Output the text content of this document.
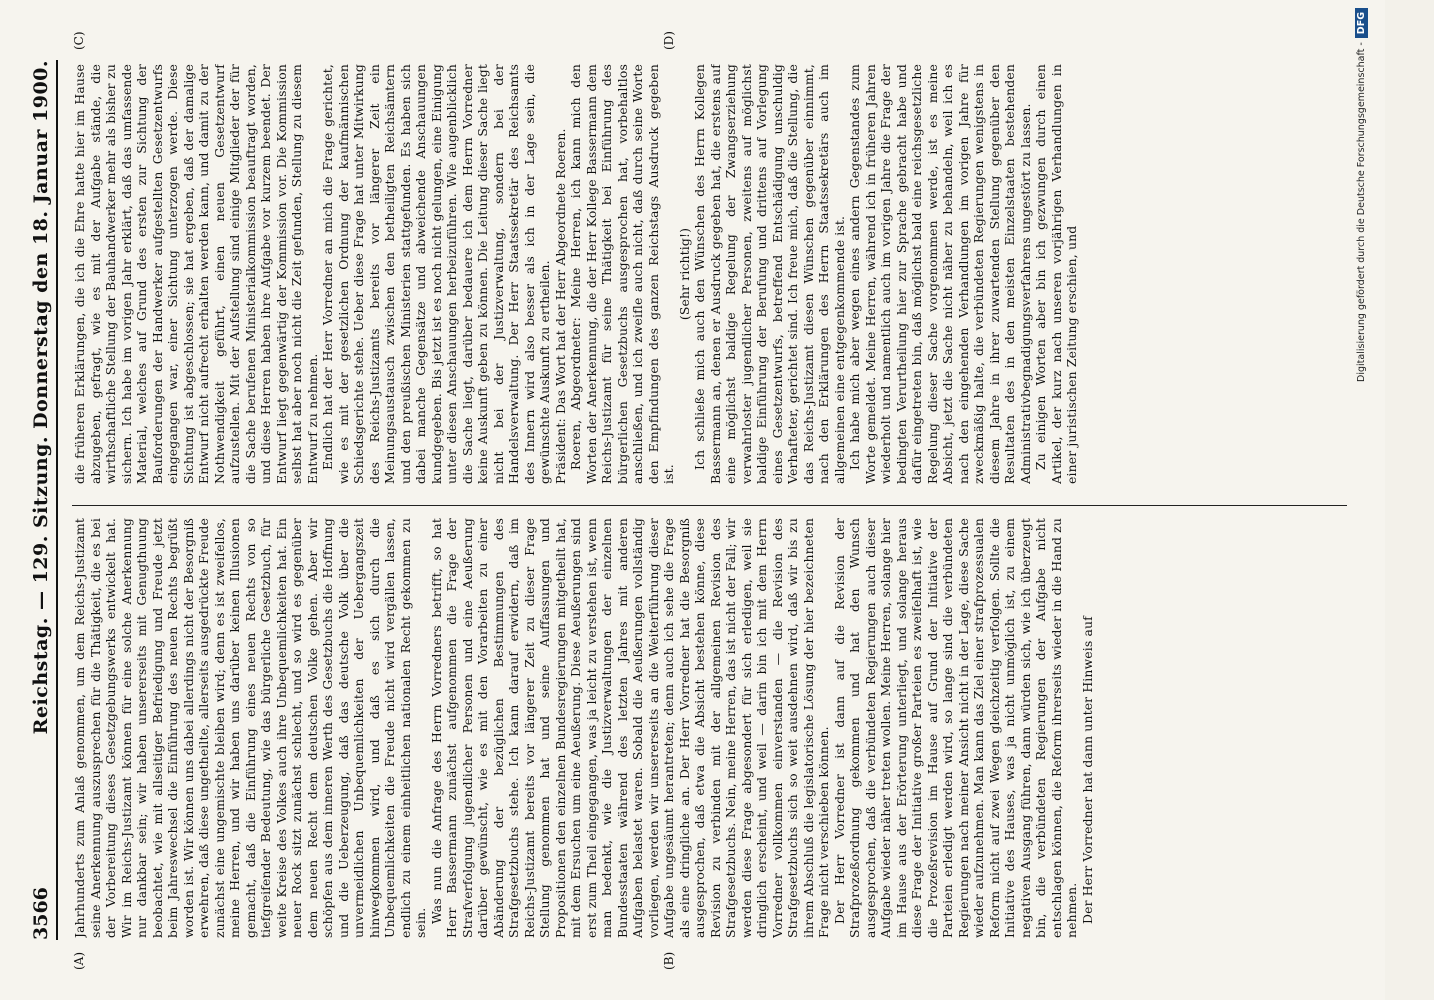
3566
Reichstag. — 129. Sitzung. Donnerstag den 18. Januar 1900.
(A)	(B)
(C)	(D)

Jahrhunderts zum Anlaß genommen, um dem Reichs-Justizamt seine Anerkennung auszusprechen für die Thätigkeit, die es bei der Vorbereitung dieses Gesetzgebungswerks entwickelt hat. Wir im Reichs-Justizamt können für eine solche Anerkennung nur dankbar sein; wir haben unsererseits mit Genugthuung beobachtet, wie mit allseitiger Befriedigung und Freude jetzt beim Jahreswechsel die Einführung des neuen Rechts begrüßt worden ist. Wir können uns dabei allerdings nicht der Besorgniß erwehren, daß diese ungetheilte, allerseits ausgedrückte Freude zunächst eine ungemischte bleiben wird; denn es ist zweifellos, meine Herren, und wir haben uns darüber keinen Illusionen gemacht, daß die Einführung eines neuen Rechts von so tiefgreifender Bedeutung, wie das bürgerliche Gesetzbuch, für weite Kreise des Volkes auch ihre Unbequemlichkeiten hat. Ein neuer Rock sitzt zunächst schlecht, und so wird es gegenüber dem neuen Recht dem deutschen Volke gehen. Aber wir schöpfen aus dem inneren Werth des Gesetzbuchs die Hoffnung und die Ueberzeugung, daß das deutsche Volk über die unvermeidlichen Unbequemlichkeiten der Uebergangszeit hinwegkommen wird, und daß es sich durch die Unbequemlichkeiten die Freude nicht wird vergällen lassen, endlich zu einem einheitlichen nationalen Recht gekommen zu sein. Was nun die Anfrage des Herrn Vorredners betrifft, so hat Herr Bassermann zunächst aufgenommen die Frage der Strafverfolgung jugendlicher Personen und eine Aeußerung darüber gewünscht, wie es mit den Vorarbeiten zu einer Abänderung der bezüglichen Bestimmungen des Strafgesetzbuchs stehe. Ich kann darauf erwidern, daß im Reichs-Justizamt bereits vor längerer Zeit zu dieser Frage Stellung genommen hat und seine Auffassungen und Propositionen den einzelnen Bundesregierungen mitgetheilt hat, mit dem Ersuchen um eine Aeußerung. Diese Aeußerungen sind erst zum Theil eingegangen, was ja leicht zu verstehen ist, wenn man bedenkt, wie die Justizverwaltungen der einzelnen Bundesstaaten während des letzten Jahres mit anderen Aufgaben belastet waren. Sobald die Aeußerungen vollständig vorliegen, werden wir unsererseits an die Weiterführung dieser Aufgabe ungesäumt herantreten; denn auch ich sehe die Frage als eine dringliche an. Der Herr Vorredner hat die Besorgniß ausgesprochen, daß etwa die Absicht bestehen könne, diese Revision zu verbinden mit der allgemeinen Revision des Strafgesetzbuchs. Nein, meine Herren, das ist nicht der Fall; wir werden diese Frage abgesondert für sich erledigen, weil sie dringlich erscheint, und weil — darin bin ich mit dem Herrn Vorredner vollkommen einverstanden — die Revision des Strafgesetzbuchs sich so weit ausdehnen wird, daß wir bis zu ihrem Abschluß die legislatorische Lösung der hier bezeichneten Frage nicht verschieben können. Der Herr Vorredner ist dann auf die Revision der Strafprozeßordnung gekommen und hat den Wunsch ausgesprochen, daß die verbündeten Regierungen auch dieser Aufgabe wieder näher treten wollen. Meine Herren, solange hier im Hause aus der Erörterung unterliegt, und solange heraus diese Frage der Initiative großer Parteien es zweifelhaft ist, wie die Prozeßrevision im Hause auf Grund der Initiative der Parteien erledigt werden wird, so lange sind die verbündeten Regierungen nach meiner Ansicht nicht in der Lage, diese Sache wieder aufzunehmen. Man kann das Ziel einer strafprozessualen Reform nicht auf zwei Wegen gleichzeitig verfolgen. Sollte die Initiative des Hauses, was ja nicht unmöglich ist, zu einem negativen Ausgang führen, dann würden sich, wie ich überzeugt bin, die verbündeten Regierungen der Aufgabe nicht entschlagen können, die Reform ihrerseits wieder in die Hand zu nehmen. Der Herr Vorredner hat dann unter Hinweis auf

die früheren Erklärungen, die ich die Ehre hatte hier im Hause abzugeben, gefragt, wie es mit der Aufgabe stände, die wirthschaftliche Stellung der Bauhandwerker mehr als bisher zu sichern. Ich habe im vorigen Jahr erklärt, daß das umfassende Material, welches auf Grund des ersten zur Sichtung der Bauforderungen der Handwerker aufgestellten Gesetzentwurfs eingegangen war, einer Sichtung unterzogen werde. Diese Sichtung ist abgeschlossen; sie hat ergeben, daß der damalige Entwurf nicht aufrecht erhalten werden kann, und damit zu der Nothwendigkeit geführt, einen neuen Gesetzentwurf aufzustellen. Mit der Aufstellung sind einige Mitglieder der für die Sache berufenen Ministerialkommission beauftragt worden, und diese Herren haben ihre Aufgabe vor kurzem beendet. Der Entwurf liegt gegenwärtig der Kommission vor. Die Kommission selbst hat aber noch nicht die Zeit gefunden, Stellung zu diesem Entwurf zu nehmen. Endlich hat der Herr Vorredner an mich die Frage gerichtet, wie es mit der gesetzlichen Ordnung der kaufmännischen Schiedsgerichte stehe. Ueber diese Frage hat unter Mitwirkung des Reichs-Justizamts bereits vor längerer Zeit ein Meinungsaustausch zwischen den betheiligten Reichsämtern und den preußischen Ministerien stattgefunden. Es haben sich dabei manche Gegensätze und abweichende Anschauungen kundgegeben. Bis jetzt ist es noch nicht gelungen, eine Einigung unter diesen Anschauungen herbeizuführen. Wie augenblicklich die Sache liegt, darüber bedauere ich dem Herrn Vorredner keine Auskunft geben zu können. Die Leitung dieser Sache liegt nicht bei der Justizverwaltung, sondern bei der Handelsverwaltung. Der Herr Staatssekretär des Reichsamts des Innern wird also besser als ich in der Lage sein, die gewünschte Auskunft zu ertheilen. Präsident: Das Wort hat der Herr Abgeordnete Roeren. Roeren, Abgeordneter: Meine Herren, ich kann mich den Worten der Anerkennung, die der Herr Kollege Bassermann dem Reichs-Justizamt für seine Thätigkeit bei Einführung des bürgerlichen Gesetzbuchs ausgesprochen hat, vorbehaltlos anschließen, und ich zweifle auch nicht, daß durch seine Worte den Empfindungen des ganzen Reichstags Ausdruck gegeben ist.

(Sehr richtig!) Ich schließe mich auch den Wünschen des Herrn Kollegen Bassermann an, denen er Ausdruck gegeben hat, die erstens auf eine möglichst baldige Regelung der Zwangserziehung verwahrloster jugendlicher Personen, zweitens auf möglichst baldige Einführung der Berufung und drittens auf Vorlegung eines Gesetzentwurfs, betreffend Entschädigung unschuldig Verhafteter, gerichtet sind. Ich freue mich, daß die Stellung, die das Reichs-Justizamt diesen Wünschen gegenüber einnimmt, nach den Erklärungen des Herrn Staatssekretärs auch im allgemeinen eine entgegenkommende ist. Ich habe mich aber wegen eines andern Gegenstandes zum Worte gemeldet. Meine Herren, während ich in früheren Jahren wiederholt und namentlich auch im vorigen Jahre die Frage der bedingten Verurtheilung hier zur Sprache gebracht habe und dafür eingetreten bin, daß möglichst bald eine reichsgesetzliche Regelung dieser Sache vorgenommen werde, ist es meine Absicht, jetzt die Sache nicht näher zu behandeln, weil ich es nach den eingehenden Verhandlungen im vorigen Jahre für zweckmäßig halte, die verbündeten Regierungen wenigstens in diesem Jahre in ihrer zuwartenden Stellung gegenüber den Resultaten des in den meisten Einzelstaaten bestehenden Administrativbegnadigungsverfahrens ungestört zu lassen. Zu einigen Worten aber bin ich gezwungen durch einen Artikel, der kurz nach unseren vorjährigen Verhandlungen in einer juristischen Zeitung erschien, und	Digitalisierung gefördert durch die Deutsche Forschungsgemeinschaft -DFG
